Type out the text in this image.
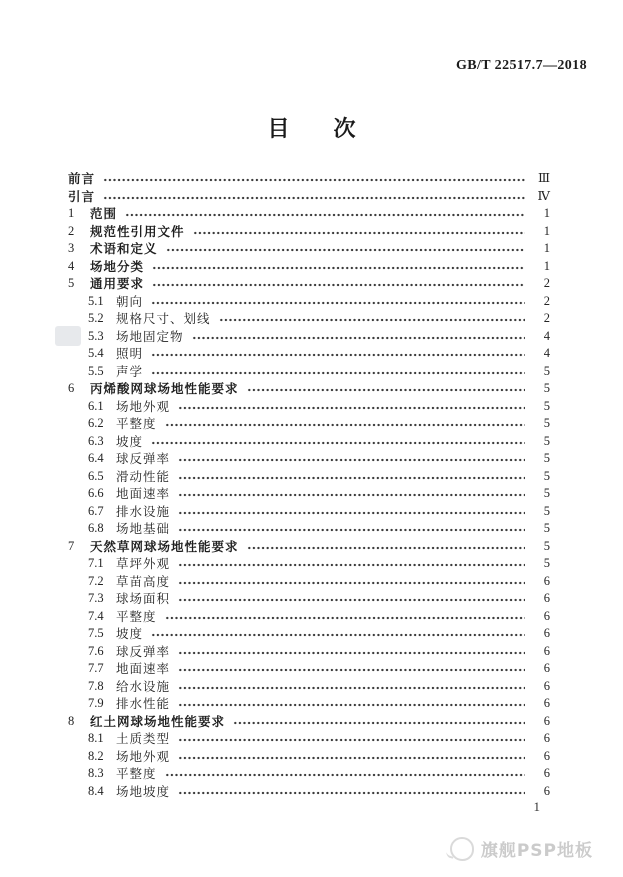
GB/T 22517.7—2018
目　　次
前言	Ⅲ
引言	Ⅳ
1	范围	1
2	规范性引用文件	1
3	术语和定义	1
4	场地分类	1
5	通用要求	2
5.1 朝向	2
5.2 规格尺寸、划线	2
5.3 场地固定物	4
5.4 照明	4
5.5 声学	5
6	丙烯酸网球场地性能要求	5
6.1 场地外观	5
6.2 平整度	5
6.3 坡度	5
6.4 球反弹率	5
6.5 滑动性能	5
6.6 地面速率	5
6.7 排水设施	5
6.8 场地基础	5
7	天然草网球场地性能要求	5
7.1 草坪外观	5
7.2 草苗高度	6
7.3 球场面积	6
7.4 平整度	6
7.5 坡度	6
7.6 球反弹率	6
7.7 地面速率	6
7.8 给水设施	6
7.9 排水性能	6
8	红土网球场地性能要求	6
8.1 土质类型	6
8.2 场地外观	6
8.3 平整度	6
8.4 场地坡度	6
1
旗舰PSP地板
